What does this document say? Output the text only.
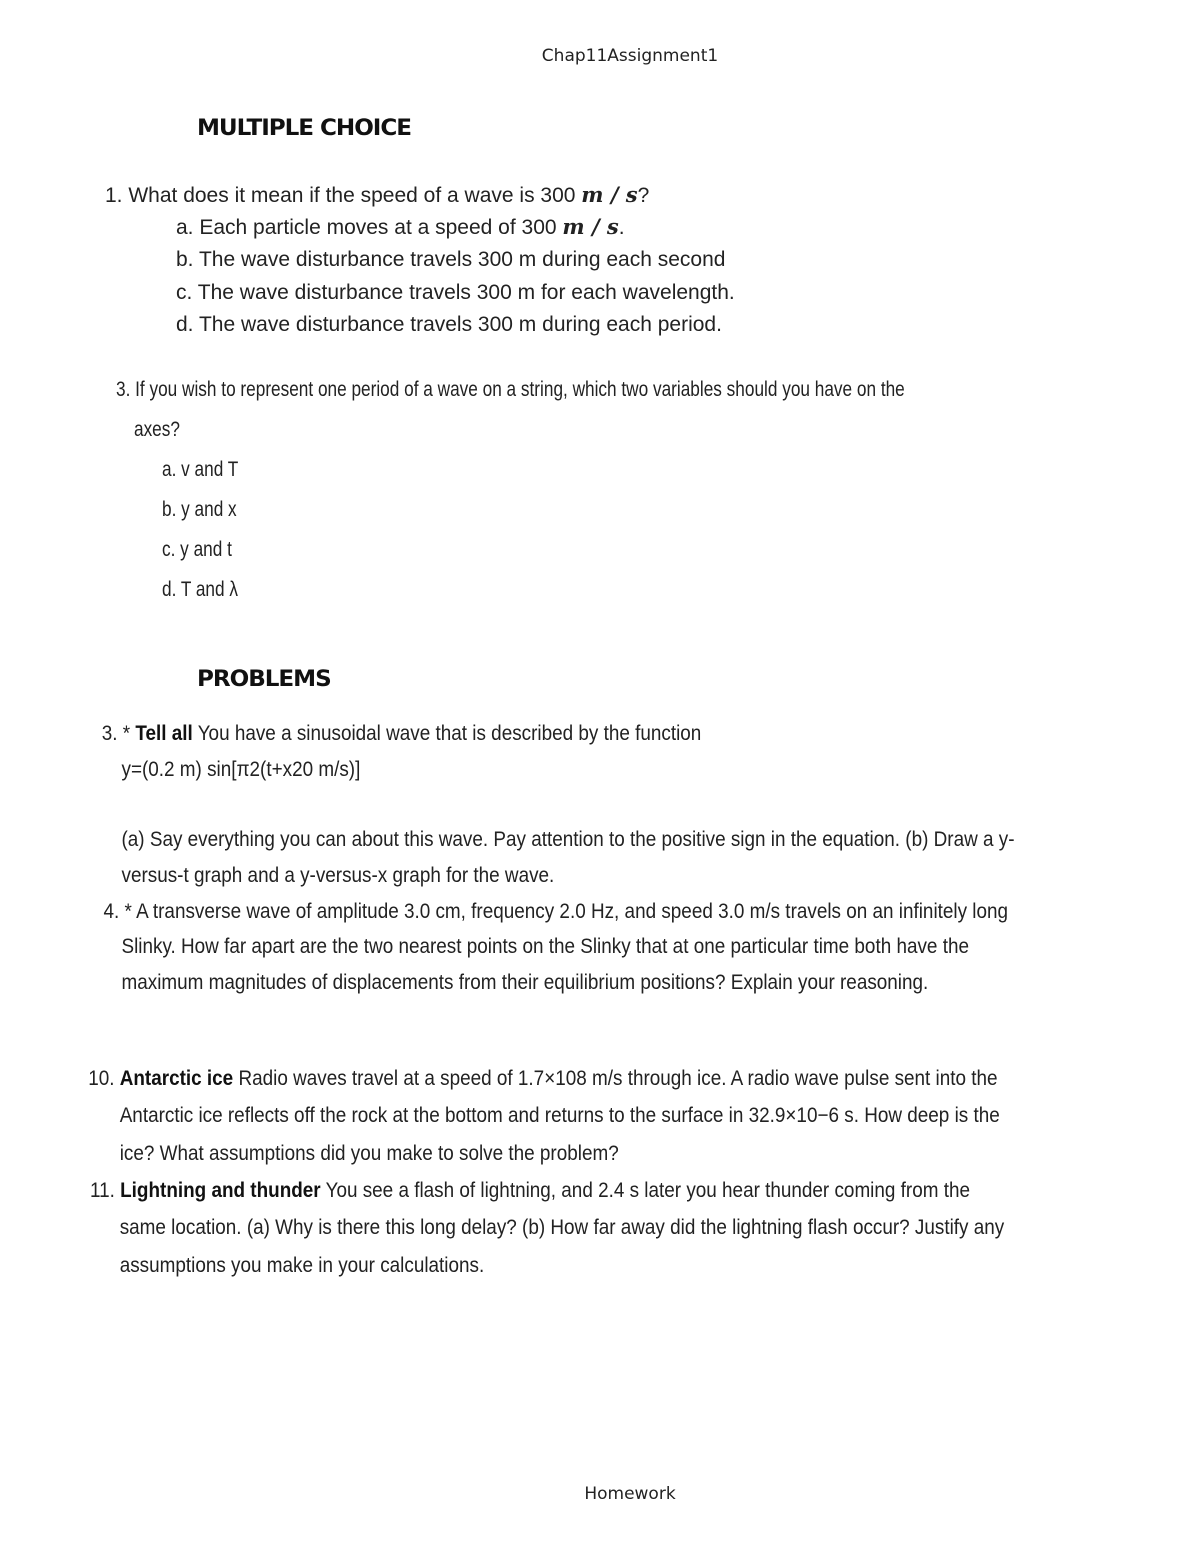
Chap11Assignment1
MULTIPLE CHOICE
1. What does it mean if the speed of a wave is 300 m / s?
a. Each particle moves at a speed of 300 m / s.
b. The wave disturbance travels 300 m during each second
c. The wave disturbance travels 300 m for each wavelength.
d. The wave disturbance travels 300 m during each period.
3. If you wish to represent one period of a wave on a string, which two variables should you have on the
axes?
a. v and T
b. y and x
c. y and t
d. T and λ
PROBLEMS
3. * Tell all You have a sinusoidal wave that is described by the function
y=(0.2 m) sin[π2(t+x20 m/s)]
(a) Say everything you can about this wave. Pay attention to the positive sign in the equation. (b) Draw a y-
versus-t graph and a y-versus-x graph for the wave.
4. * A transverse wave of amplitude 3.0 cm, frequency 2.0 Hz, and speed 3.0 m/s travels on an infinitely long
Slinky. How far apart are the two nearest points on the Slinky that at one particular time both have the
maximum magnitudes of displacements from their equilibrium positions? Explain your reasoning.
10. Antarctic ice Radio waves travel at a speed of 1.7×108 m/s through ice. A radio wave pulse sent into the
Antarctic ice reflects off the rock at the bottom and returns to the surface in 32.9×10−6 s. How deep is the
ice? What assumptions did you make to solve the problem?
11. Lightning and thunder You see a flash of lightning, and 2.4 s later you hear thunder coming from the
same location. (a) Why is there this long delay? (b) How far away did the lightning flash occur? Justify any
assumptions you make in your calculations.
Homework
